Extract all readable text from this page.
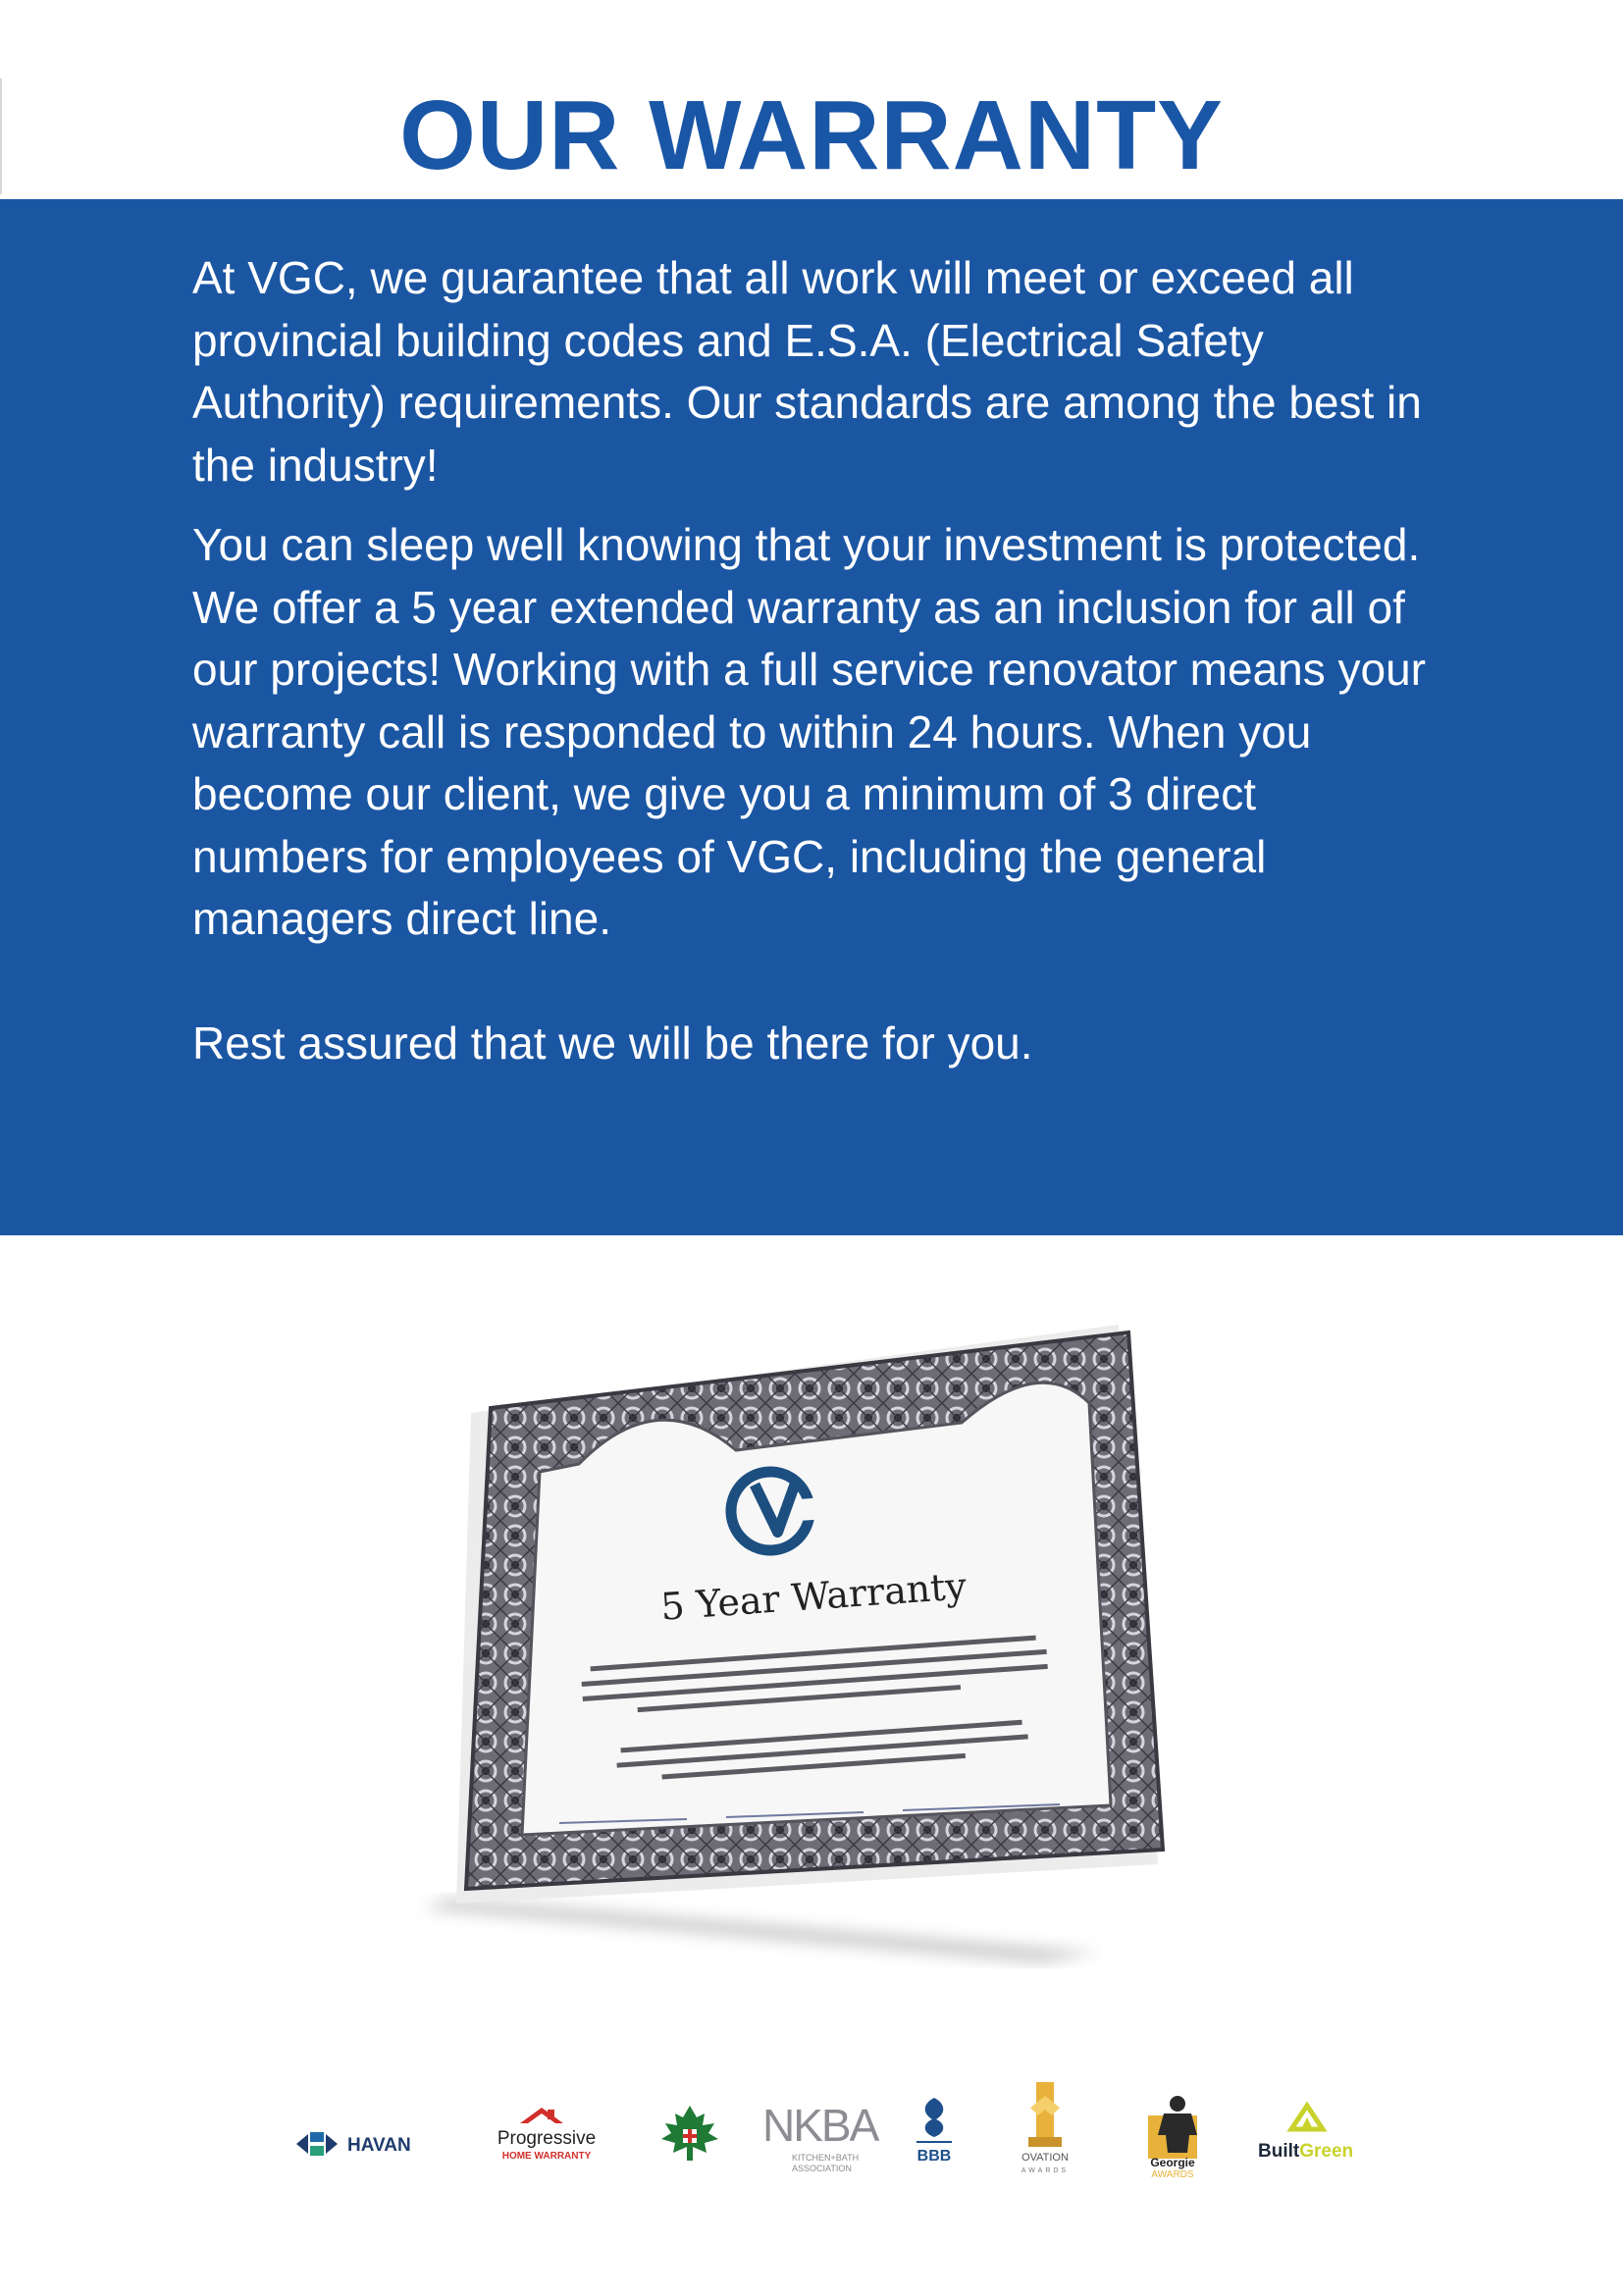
OUR WARRANTY

At VGC, we guarantee that all work will meet or exceed all provincial building codes and E.S.A. (Electrical Safety Authority) requirements. Our standards are among the best in the industry!

You can sleep well knowing that your investment is protected. We offer a 5 year extended warranty as an inclusion for all of our projects! Working with a full service renovator means your warranty call is responded to within 24 hours. When you become our client, we give you a minimum of 3 direct numbers for employees of VGC, including the general managers direct line.

Rest assured that we will be there for you.

5 Year Warranty
HAVAN	Progressive
HOME WARRANTY
NKBA
KITCHEN+BATH
ASSOCIATION
BBB	OVATION
AWARDS
Georgie
AWARDS
BuiltGreen
